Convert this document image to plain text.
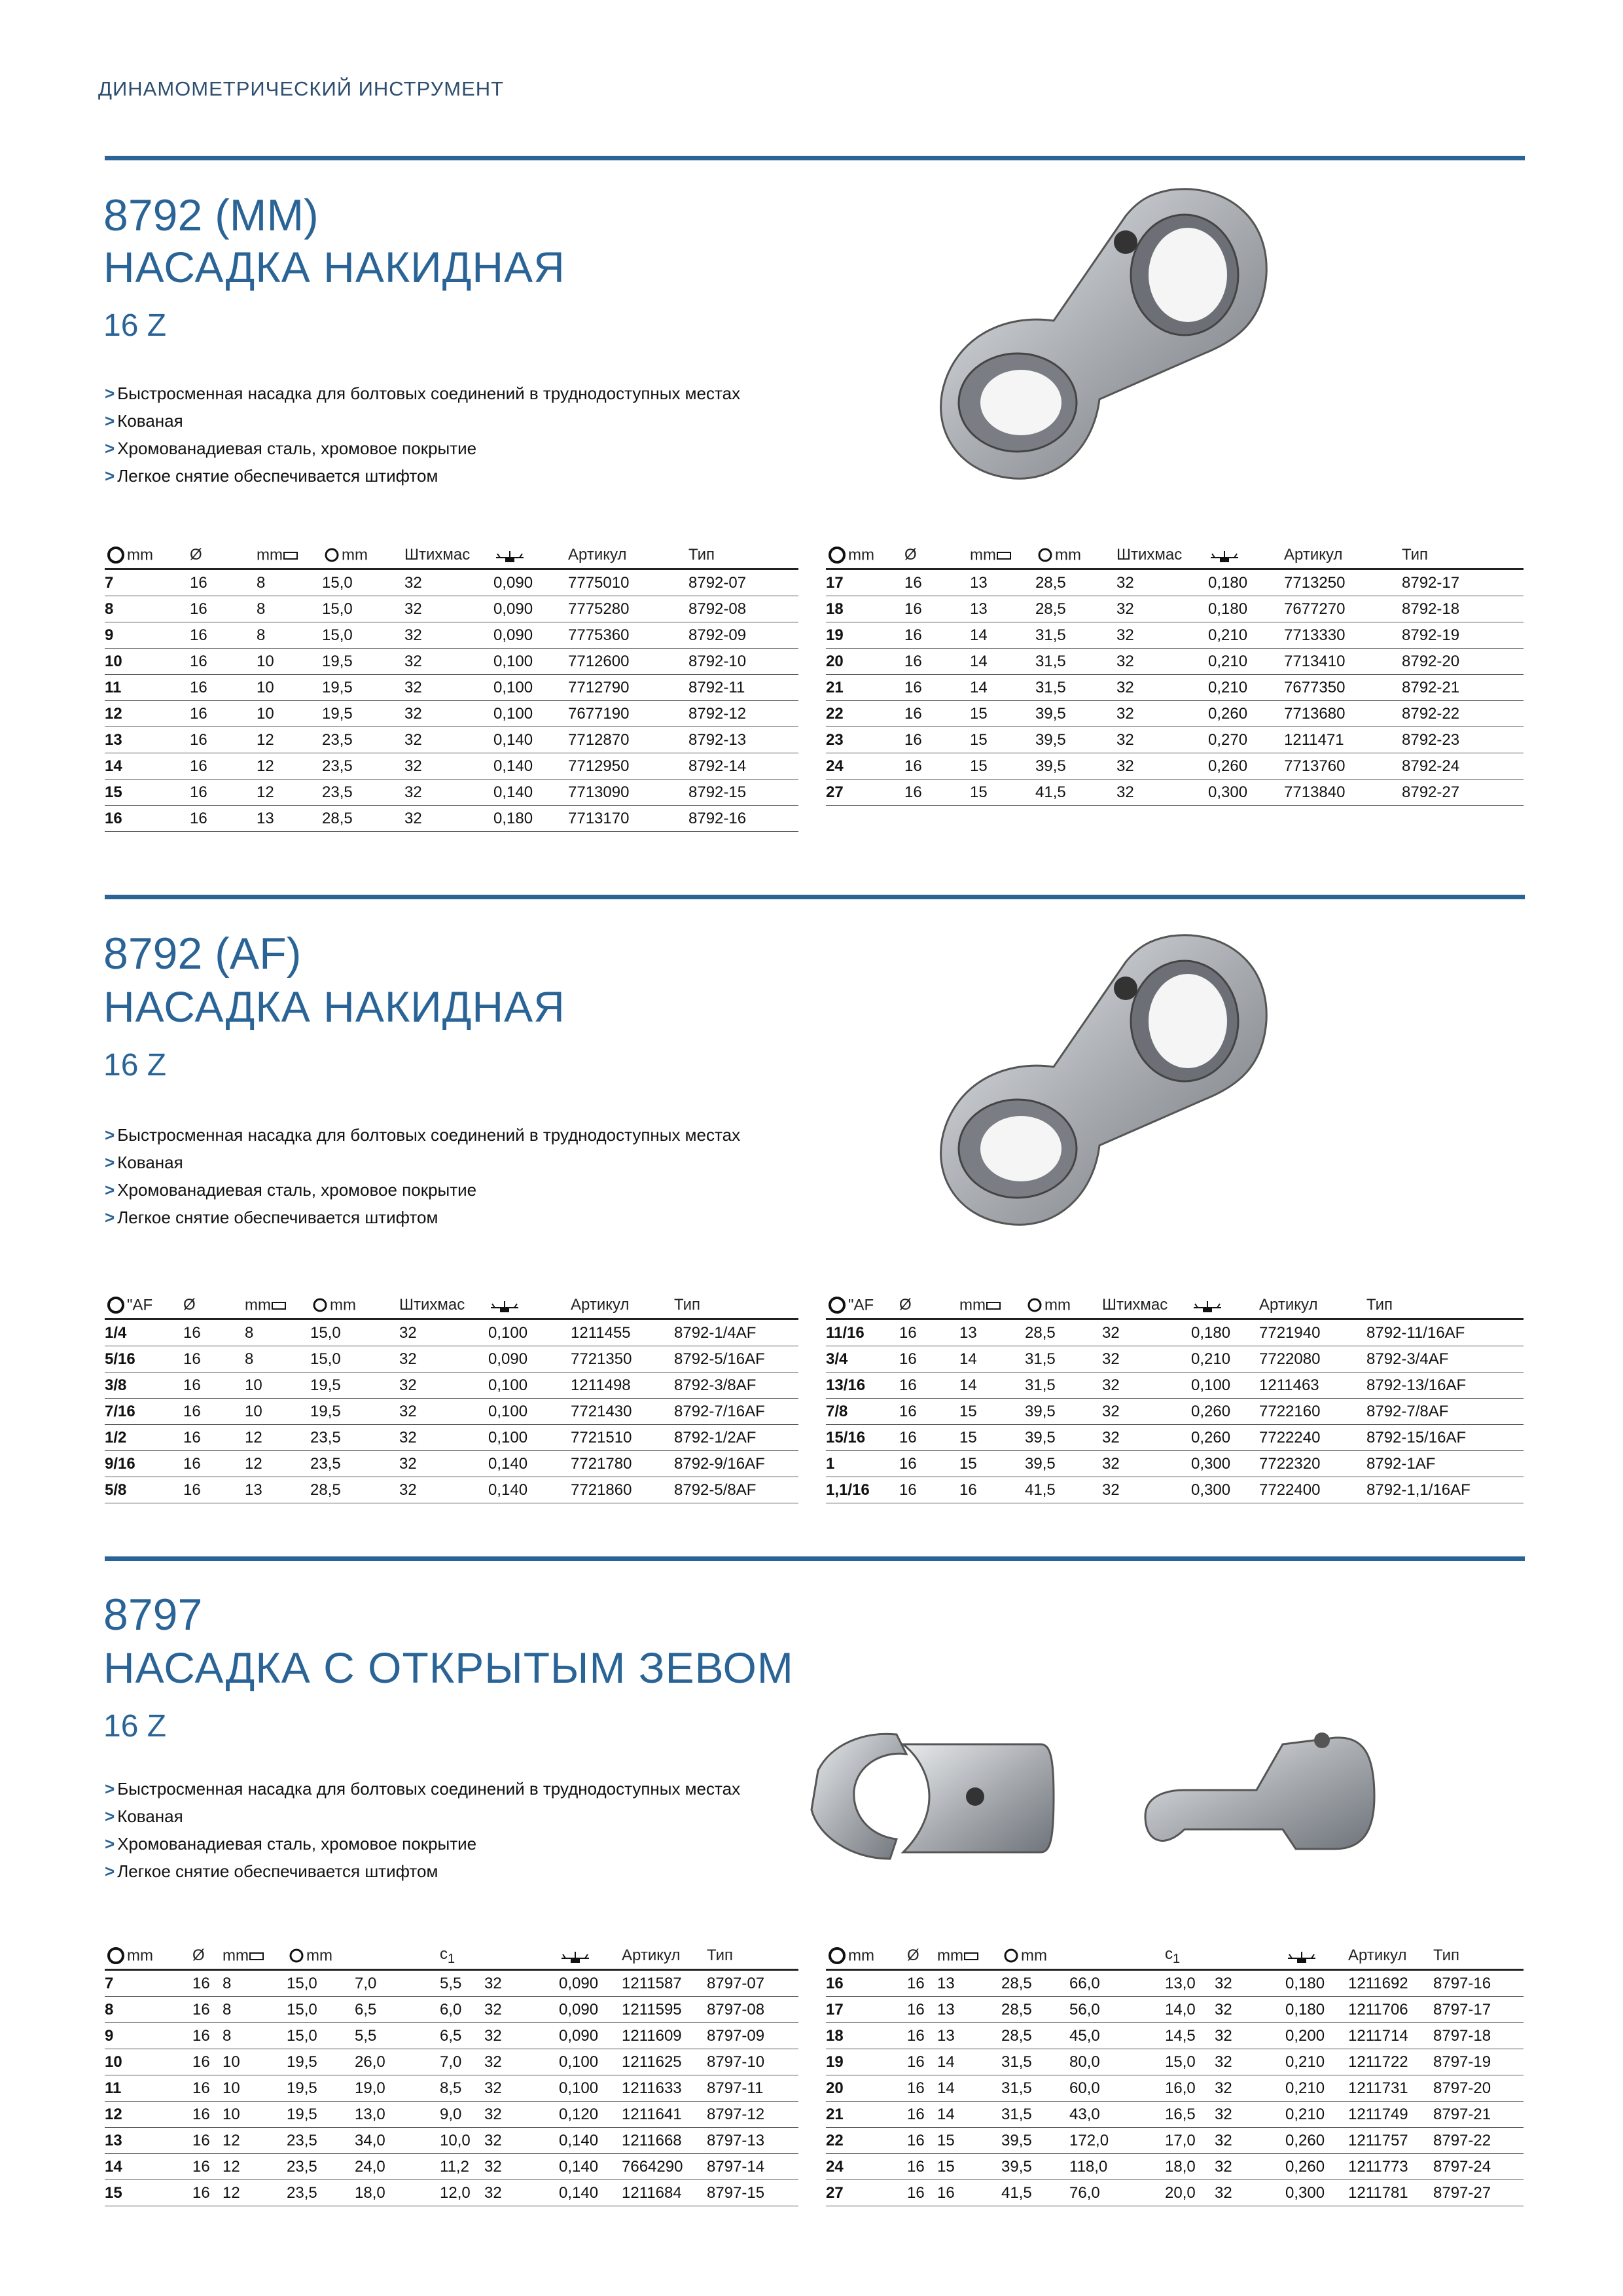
ДИНАМОМЕТРИЧЕСКИЙ ИНСТРУМЕНТ
8792 (MM)
НАСАДКА НАКИДНАЯ
16 Z
> Быстросменная насадка для болтовых соединений в труднодоступных местах
> Кованая
> Хромованадиевая сталь, хромовое покрытие
> Легкое снятие обеспечивается штифтом
mm	Ø	mm	mm	Штихмас		Артикул	Тип
7	16	8	15,0	32	0,090	7775010	8792-07
8	16	8	15,0	32	0,090	7775280	8792-08
9	16	8	15,0	32	0,090	7775360	8792-09
10	16	10	19,5	32	0,100	7712600	8792-10
11	16	10	19,5	32	0,100	7712790	8792-11
12	16	10	19,5	32	0,100	7677190	8792-12
13	16	12	23,5	32	0,140	7712870	8792-13
14	16	12	23,5	32	0,140	7712950	8792-14
15	16	12	23,5	32	0,140	7713090	8792-15
16	16	13	28,5	32	0,180	7713170	8792-16
mm	Ø	mm	mm	Штихмас		Артикул	Тип
17	16	13	28,5	32	0,180	7713250	8792-17
18	16	13	28,5	32	0,180	7677270	8792-18
19	16	14	31,5	32	0,210	7713330	8792-19
20	16	14	31,5	32	0,210	7713410	8792-20
21	16	14	31,5	32	0,210	7677350	8792-21
22	16	15	39,5	32	0,260	7713680	8792-22
23	16	15	39,5	32	0,270	1211471	8792-23
24	16	15	39,5	32	0,260	7713760	8792-24
27	16	15	41,5	32	0,300	7713840	8792-27
8792 (AF)
НАСАДКА НАКИДНАЯ
16 Z
> Быстросменная насадка для болтовых соединений в труднодоступных местах
> Кованая
> Хромованадиевая сталь, хромовое покрытие
> Легкое снятие обеспечивается штифтом
"AF	Ø	mm	mm	Штихмас		Артикул	Тип
1/4	16	8	15,0	32	0,100	1211455	8792-1/4AF
5/16	16	8	15,0	32	0,090	7721350	8792-5/16AF
3/8	16	10	19,5	32	0,100	1211498	8792-3/8AF
7/16	16	10	19,5	32	0,100	7721430	8792-7/16AF
1/2	16	12	23,5	32	0,100	7721510	8792-1/2AF
9/16	16	12	23,5	32	0,140	7721780	8792-9/16AF
5/8	16	13	28,5	32	0,140	7721860	8792-5/8AF
"AF	Ø	mm	mm	Штихмас		Артикул	Тип
11/16	16	13	28,5	32	0,180	7721940	8792-11/16AF
3/4	16	14	31,5	32	0,210	7722080	8792-3/4AF
13/16	16	14	31,5	32	0,100	1211463	8792-13/16AF
7/8	16	15	39,5	32	0,260	7722160	8792-7/8AF
15/16	16	15	39,5	32	0,260	7722240	8792-15/16AF
1	16	15	39,5	32	0,300	7722320	8792-1AF
1,1/16	16	16	41,5	32	0,300	7722400	8792-1,1/16AF
8797
НАСАДКА С ОТКРЫТЫМ ЗЕВОМ
16 Z
> Быстросменная насадка для болтовых соединений в труднодоступных местах
> Кованая
> Хромованадиевая сталь, хромовое покрытие
> Легкое снятие обеспечивается штифтом
mm	Ø	mm	mm		$c_1$			Артикул	Тип
7	16	8	15,0	7,0	5,5	32	0,090	1211587	8797-07
8	16	8	15,0	6,5	6,0	32	0,090	1211595	8797-08
9	16	8	15,0	5,5	6,5	32	0,090	1211609	8797-09
10	16	10	19,5	26,0	7,0	32	0,100	1211625	8797-10
11	16	10	19,5	19,0	8,5	32	0,100	1211633	8797-11
12	16	10	19,5	13,0	9,0	32	0,120	1211641	8797-12
13	16	12	23,5	34,0	10,0	32	0,140	1211668	8797-13
14	16	12	23,5	24,0	11,2	32	0,140	7664290	8797-14
15	16	12	23,5	18,0	12,0	32	0,140	1211684	8797-15
mm	Ø	mm	mm		$c_1$			Артикул	Тип
16	16	13	28,5	66,0	13,0	32	0,180	1211692	8797-16
17	16	13	28,5	56,0	14,0	32	0,180	1211706	8797-17
18	16	13	28,5	45,0	14,5	32	0,200	1211714	8797-18
19	16	14	31,5	80,0	15,0	32	0,210	1211722	8797-19
20	16	14	31,5	60,0	16,0	32	0,210	1211731	8797-20
21	16	14	31,5	43,0	16,5	32	0,210	1211749	8797-21
22	16	15	39,5	172,0	17,0	32	0,260	1211757	8797-22
24	16	15	39,5	118,0	18,0	32	0,260	1211773	8797-24
27	16	16	41,5	76,0	20,0	32	0,300	1211781	8797-27
